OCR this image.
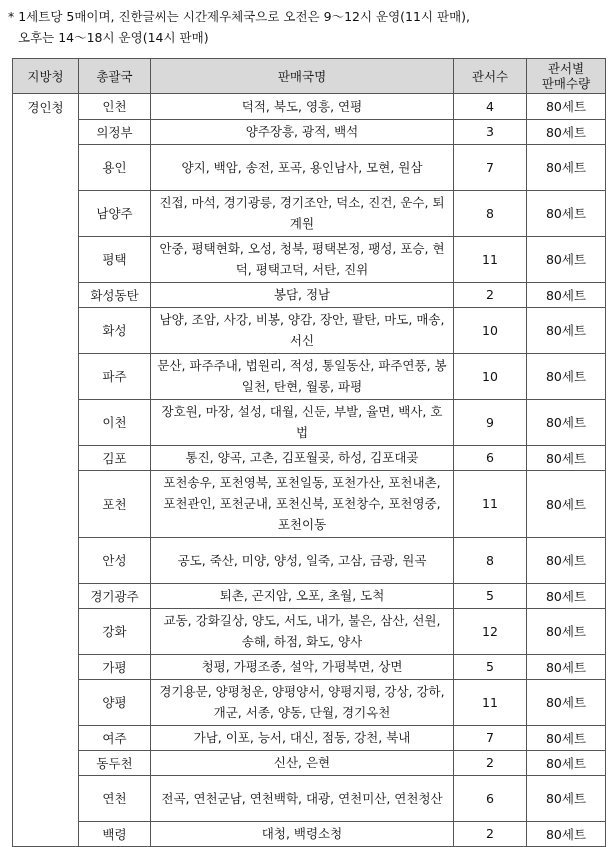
* 1세트당 5매이며, 진한글씨는 시간제우체국으로 오전은 9～12시 운영(11시 판매),
오후는 14～18시 운영(14시 판매)
지방청	총괄국	판매국명	관서수	관서별
판매수량
경인청	인천	덕적, 북도, 영흥, 연평	4	80세트
	의정부	양주장흥, 광적, 백석	3	80세트
	용인	양지, 백암, 송전, 포곡, 용인남사, 모현, 원삼	7	80세트
	남양주	진접, 마석, 경기광릉, 경기조안, 덕소, 진건, 운수, 퇴계원	8	80세트
	평택	안중, 평택현화, 오성, 청북, 평택본정, 팽성, 포승, 현덕, 평택고덕, 서탄, 진위	11	80세트
	화성동탄	봉담, 정남	2	80세트
	화성	남양, 조암, 사강, 비봉, 양감, 장안, 팔탄, 마도, 매송, 서신	10	80세트
	파주	문산, 파주주내, 법원리, 적성, 통일동산, 파주연풍, 봉일천, 탄현, 월롱, 파평	10	80세트
	이천	장호원, 마장, 설성, 대월, 신둔, 부발, 율면, 백사, 호법	9	80세트
	김포	통진, 양곡, 고촌, 김포월곶, 하성, 김포대곶	6	80세트
	포천	포천송우, 포천영북, 포천일동, 포천가산, 포천내촌, 포천관인, 포천군내, 포천신북, 포천창수, 포천영중, 포천이동	11	80세트
	안성	공도, 죽산, 미양, 양성, 일죽, 고삼, 금광, 원곡	8	80세트
	경기광주	퇴촌, 곤지암, 오포, 초월, 도척	5	80세트
	강화	교동, 강화길상, 양도, 서도, 내가, 불은, 삼산, 선원, 송해, 하점, 화도, 양사	12	80세트
	가평	청평, 가평조종, 설악, 가평북면, 상면	5	80세트
	양평	경기용문, 양평청운, 양평양서, 양평지평, 강상, 강하, 개군, 서종, 양동, 단월, 경기옥천	11	80세트
	여주	가남, 이포, 능서, 대신, 점동, 강천, 북내	7	80세트
	동두천	신산, 은현	2	80세트
	연천	전곡, 연천군남, 연천백학, 대광, 연천미산, 연천청산	6	80세트
	백령	대청, 백령소청	2	80세트
